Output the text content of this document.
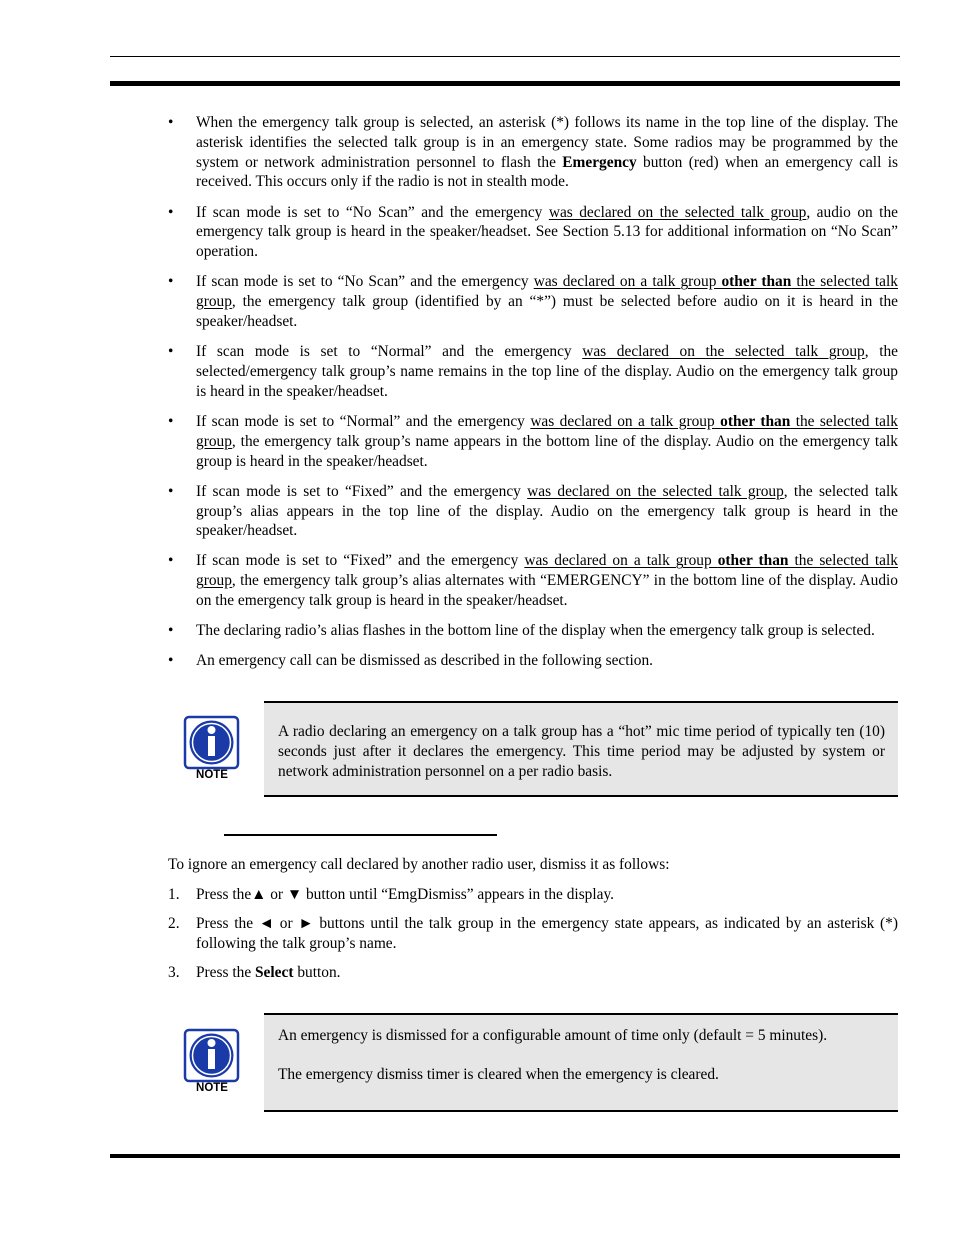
• When the emergency talk group is selected, an asterisk (*) follows its name in the top line of the display. The asterisk identifies the selected talk group is in an emergency state. Some radios may be programmed by the system or network administration personnel to flash the Emergency button (red) when an emergency call is received. This occurs only if the radio is not in stealth mode.
• If scan mode is set to “No Scan” and the emergency was declared on the selected talk group, audio on the emergency talk group is heard in the speaker/headset. See Section 5.13 for additional information on “No Scan” operation.
• If scan mode is set to “No Scan” and the emergency was declared on a talk group other than the selected talk group, the emergency talk group (identified by an “*”) must be selected before audio on it is heard in the speaker/headset.
• If scan mode is set to “Normal” and the emergency was declared on the selected talk group, the selected/emergency talk group’s name remains in the top line of the display. Audio on the emergency talk group is heard in the speaker/headset.
• If scan mode is set to “Normal” and the emergency was declared on a talk group other than the selected talk group, the emergency talk group’s name appears in the bottom line of the display. Audio on the emergency talk group is heard in the speaker/headset.
• If scan mode is set to “Fixed” and the emergency was declared on the selected talk group, the selected talk group’s alias appears in the top line of the display. Audio on the emergency talk group is heard in the speaker/headset.
• If scan mode is set to “Fixed” and the emergency was declared on a talk group other than the selected talk group, the emergency talk group’s alias alternates with “EMERGENCY” in the bottom line of the display. Audio on the emergency talk group is heard in the speaker/headset.
• The declaring radio’s alias flashes in the bottom line of the display when the emergency talk group is selected.
• An emergency call can be dismissed as described in the following section.
NOTE

A radio declaring an emergency on a talk group has a “hot” mic time period of typically ten (10) seconds just after it declares the emergency. This time period may be adjusted by system or network administration personnel on a per radio basis.

To ignore an emergency call declared by another radio user, dismiss it as follows:

1. Press the▲ or ▼ button until “EmgDismiss” appears in the display.
2. Press the ◄ or ► buttons until the talk group in the emergency state appears, as indicated by an asterisk (*) following the talk group’s name.
3. Press the Select button.
NOTE

An emergency is dismissed for a configurable amount of time only (default = 5 minutes).

The emergency dismiss timer is cleared when the emergency is cleared.
